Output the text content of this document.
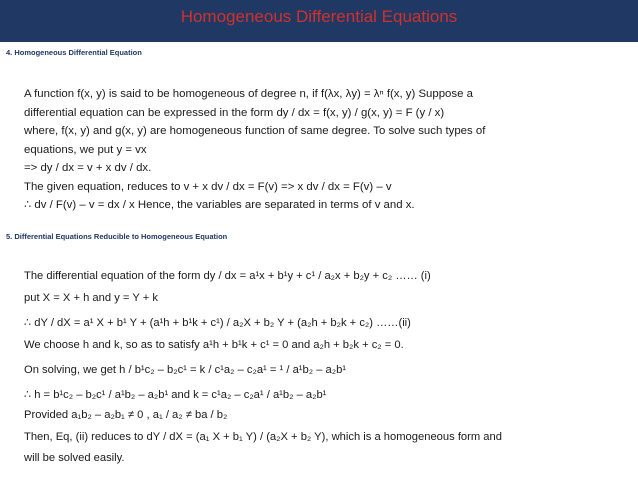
Homogeneous Differential Equations
4. Homogeneous Differential Equation
A function f(x, y) is said to be homogeneous of degree n, if f(λx, λy) = λⁿ f(x, y) Suppose a
differential equation can be expressed in the form dy / dx = f(x, y) / g(x, y) = F (y / x)
where, f(x, y) and g(x, y) are homogeneous function of same degree. To solve such types of
equations, we put y = vx
=> dy / dx = v + x dv / dx.
The given equation, reduces to v + x dv / dx = F(v) => x dv / dx = F(v) – v
∴ dv / F(v) – v = dx / x Hence, the variables are separated in terms of v and x.
5. Differential Equations Reducible to Homogeneous Equation
The differential equation of the form dy / dx = a¹x + b¹y + c¹ / a₂x + b₂y + c₂ …… (i)
put X = X + h and y = Y + k
∴ dY / dX = a¹ X + b¹ Y + (a¹h + b¹k + c¹) / a₂X + b₂ Y + (a₂h + b₂k + c₂) ……(ii)
We choose h and k, so as to satisfy a¹h + b¹k + c¹ = 0 and a₂h + b₂k + c₂ = 0.
On solving, we get h / b¹c₂ – b₂c¹ = k / c¹a₂ – c₂a¹ = ¹ / a¹b₂ – a₂b¹
∴ h = b¹c₂ – b₂c¹ / a¹b₂ – a₂b¹ and k = c¹a₂ – c₂a¹ / a¹b₂ – a₂b¹
Provided a₁b₂ – a₂b₁ ≠ 0 , a₁ / a₂ ≠ ba / b₂
Then, Eq, (ii) reduces to dY / dX = (a₁ X + b₁ Y) / (a₂X + b₂ Y), which is a homogeneous form and
will be solved easily.
